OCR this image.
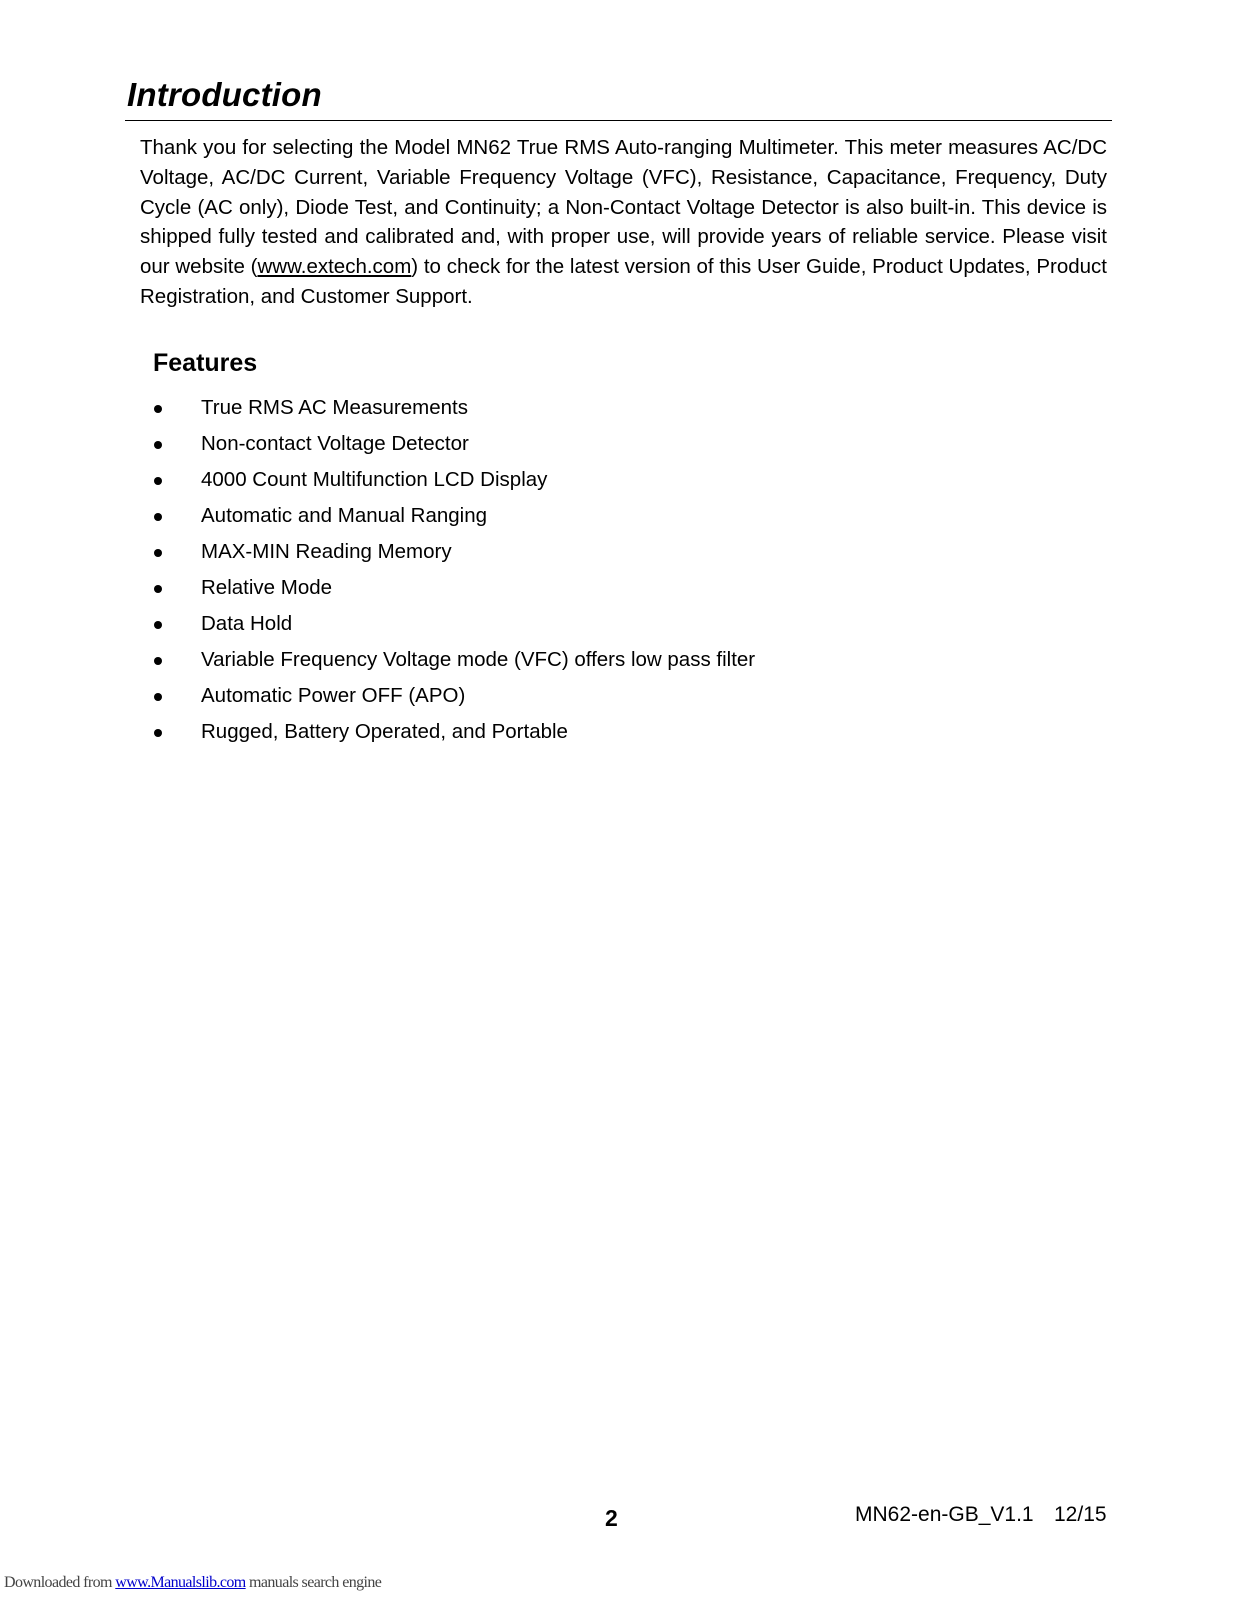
Introduction

Thank you for selecting the Model MN62 True RMS Auto-ranging Multimeter. This meter measures AC/DC Voltage, AC/DC Current, Variable Frequency Voltage (VFC), Resistance, Capacitance, Frequency, Duty Cycle (AC only), Diode Test, and Continuity; a Non-Contact Voltage Detector is also built-in. This device is shipped fully tested and calibrated and, with proper use, will provide years of reliable service. Please visit our website (www.extech.com) to check for the latest version of this User Guide, Product Updates, Product Registration, and Customer Support.

Features
True RMS AC Measurements
Non-contact Voltage Detector
4000 Count Multifunction LCD Display
Automatic and Manual Ranging
MAX-MIN Reading Memory
Relative Mode
Data Hold
Variable Frequency Voltage mode (VFC) offers low pass filter
Automatic Power OFF (APO)
Rugged, Battery Operated, and Portable
2	MN62-en-GB_V1.1 12/15
Downloaded from www.Manualslib.com manuals search engine
